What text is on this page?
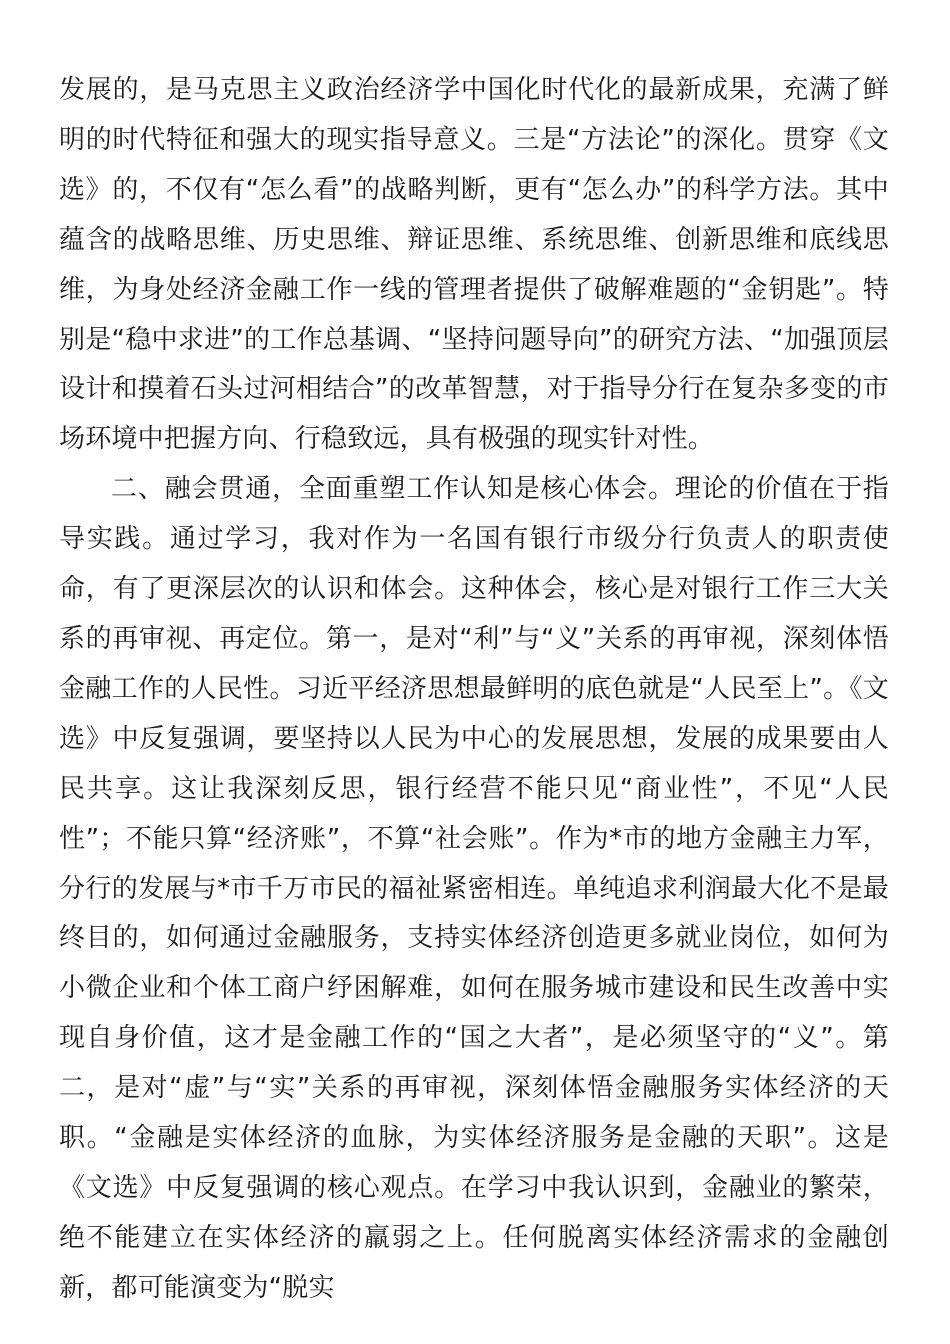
发展的，是马克思主义政治经济学中国化时代化的最新成果，充满了鲜明的时代特征和强大的现实指导意义。三是“方法论”的深化。贯穿《文选》的，不仅有“怎么看”的战略判断，更有“怎么办”的科学方法。其中蕴含的战略思维、历史思维、辩证思维、系统思维、创新思维和底线思维，为身处经济金融工作一线的管理者提供了破解难题的“金钥匙”。特别是“稳中求进”的工作总基调、“坚持问题导向”的研究方法、“加强顶层设计和摸着石头过河相结合”的改革智慧，对于指导分行在复杂多变的市场环境中把握方向、行稳致远，具有极强的现实针对性。

二、融会贯通，全面重塑工作认知是核心体会。理论的价值在于指导实践。通过学习，我对作为一名国有银行市级分行负责人的职责使命，有了更深层次的认识和体会。这种体会，核心是对银行工作三大关系的再审视、再定位。第一，是对“利”与“义”关系的再审视，深刻体悟金融工作的人民性。习近平经济思想最鲜明的底色就是“人民至上”。《文选》中反复强调，要坚持以人民为中心的发展思想，发展的成果要由人民共享。这让我深刻反思，银行经营不能只见“商业性”，不见“人民性”；不能只算“经济账”，不算“社会账”。作为*市的地方金融主力军，分行的发展与*市千万市民的福祉紧密相连。单纯追求利润最大化不是最终目的，如何通过金融服务，支持实体经济创造更多就业岗位，如何为小微企业和个体工商户纾困解难，如何在服务城市建设和民生改善中实现自身价值，这才是金融工作的“国之大者”，是必须坚守的“义”。第二，是对“虚”与“实”关系的再审视，深刻体悟金融服务实体经济的天职。“金融是实体经济的血脉，为实体经济服务是金融的天职”。这是《文选》中反复强调的核心观点。在学习中我认识到，金融业的繁荣，绝不能建立在实体经济的羸弱之上。任何脱离实体经济需求的金融创新，都可能演变为“脱实
